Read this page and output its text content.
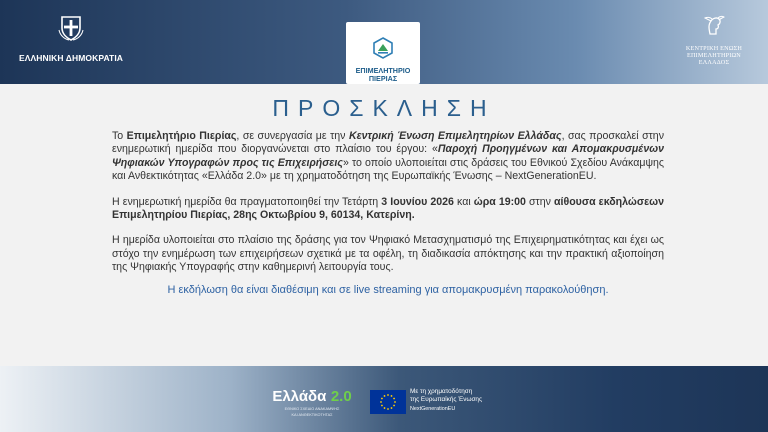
ΕΛΛΗΝΙΚΗ ΔΗΜΟΚΡΑΤΙΑ
ΕΠΙΜΕΛΗΤΗΡΙΟ
ΠΙΕΡΙΑΣ
ΚΕΝΤΡΙΚΗ ΕΝΩΣΗ
ΕΠΙΜΕΛΗΤΗΡΙΩΝ
ΕΛΛΑΔΟΣ
ΠΡΟΣΚΛΗΣΗ

Το Επιμελητήριο Πιερίας, σε συνεργασία με την Κεντρική Ένωση Επιμελητηρίων Ελλάδας, σας προσκαλεί στην ενημερωτική ημερίδα που διοργανώνεται στο πλαίσιο του έργου: «Παροχή Προηγμένων και Απομακρυσμένων Ψηφιακών Υπογραφών προς τις Επιχειρήσεις» το οποίο υλοποιείται στις δράσεις του Εθνικού Σχεδίου Ανάκαμψης και Ανθεκτικότητας «Ελλάδα 2.0» με τη χρηματοδότηση της Ευρωπαϊκής Ένωσης – NextGenerationEU.

Η ενημερωτική ημερίδα θα πραγματοποιηθεί την Τετάρτη 3 Ιουνίου 2026 και ώρα 19:00 στην αίθουσα εκδηλώσεων Επιμελητηρίου Πιερίας, 28ης Οκτωβρίου 9, 60134, Κατερίνη.

Η ημερίδα υλοποιείται στο πλαίσιο της δράσης για τον Ψηφιακό Μετασχηματισμό της Επιχειρηματικότητας και έχει ως στόχο την ενημέρωση των επιχειρήσεων σχετικά με τα οφέλη, τη διαδικασία απόκτησης και την πρακτική αξιοποίηση της Ψηφιακής Υπογραφής στην καθημερινή λειτουργία τους.

Η εκδήλωση θα είναι διαθέσιμη και σε live streaming για απομακρυσμένη παρακολούθηση.

Ελλάδα 2.0
ΕΘΝΙΚΟ ΣΧΕΔΙΟ ΑΝΑΚΑΜΨΗΣ
ΚΑΙ ΑΝΘΕΚΤΙΚΟΤΗΤΑΣ
Με τη χρηματοδότηση
της Ευρωπαϊκής Ένωσης
NextGenerationEU
